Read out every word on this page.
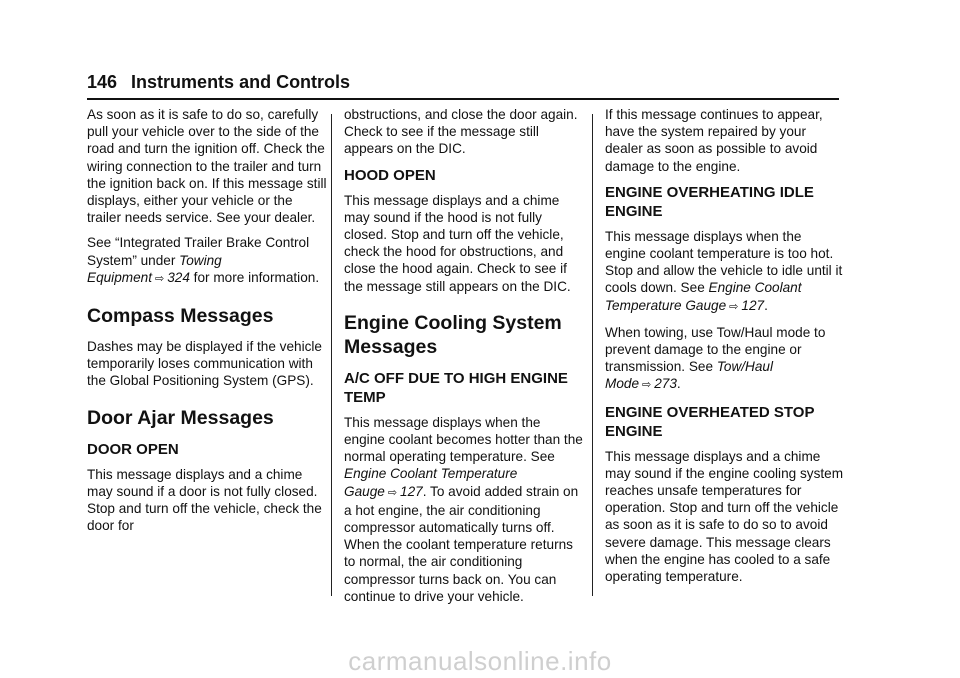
146 Instruments and Controls

As soon as it is safe to do so, carefully pull your vehicle over to the side of the road and turn the ignition off. Check the wiring connection to the trailer and turn the ignition back on. If this message still displays, either your vehicle or the trailer needs service. See your dealer.

See “Integrated Trailer Brake Control System” under Towing Equipment ⇨ 324 for more information.

Compass Messages

Dashes may be displayed if the vehicle temporarily loses communication with the Global Positioning System (GPS).

Door Ajar Messages
DOOR OPEN

This message displays and a chime may sound if a door is not fully closed. Stop and turn off the vehicle, check the door for

obstructions, and close the door again. Check to see if the message still appears on the DIC.

HOOD OPEN

This message displays and a chime may sound if the hood is not fully closed. Stop and turn off the vehicle, check the hood for obstructions, and close the hood again. Check to see if the message still appears on the DIC.

Engine Cooling System Messages
A/C OFF DUE TO HIGH ENGINE TEMP

This message displays when the engine coolant becomes hotter than the normal operating temperature. See Engine Coolant Temperature Gauge ⇨ 127. To avoid added strain on a hot engine, the air conditioning compressor automatically turns off. When the coolant temperature returns to normal, the air conditioning compressor turns back on. You can continue to drive your vehicle.

If this message continues to appear, have the system repaired by your dealer as soon as possible to avoid damage to the engine.

ENGINE OVERHEATING IDLE ENGINE

This message displays when the engine coolant temperature is too hot. Stop and allow the vehicle to idle until it cools down. See Engine Coolant Temperature Gauge ⇨ 127.

When towing, use Tow/Haul mode to prevent damage to the engine or transmission. See Tow/Haul Mode ⇨ 273.

ENGINE OVERHEATED STOP ENGINE

This message displays and a chime may sound if the engine cooling system reaches unsafe temperatures for operation. Stop and turn off the vehicle as soon as it is safe to do so to avoid severe damage. This message clears when the engine has cooled to a safe operating temperature.

carmanualsonline.info
